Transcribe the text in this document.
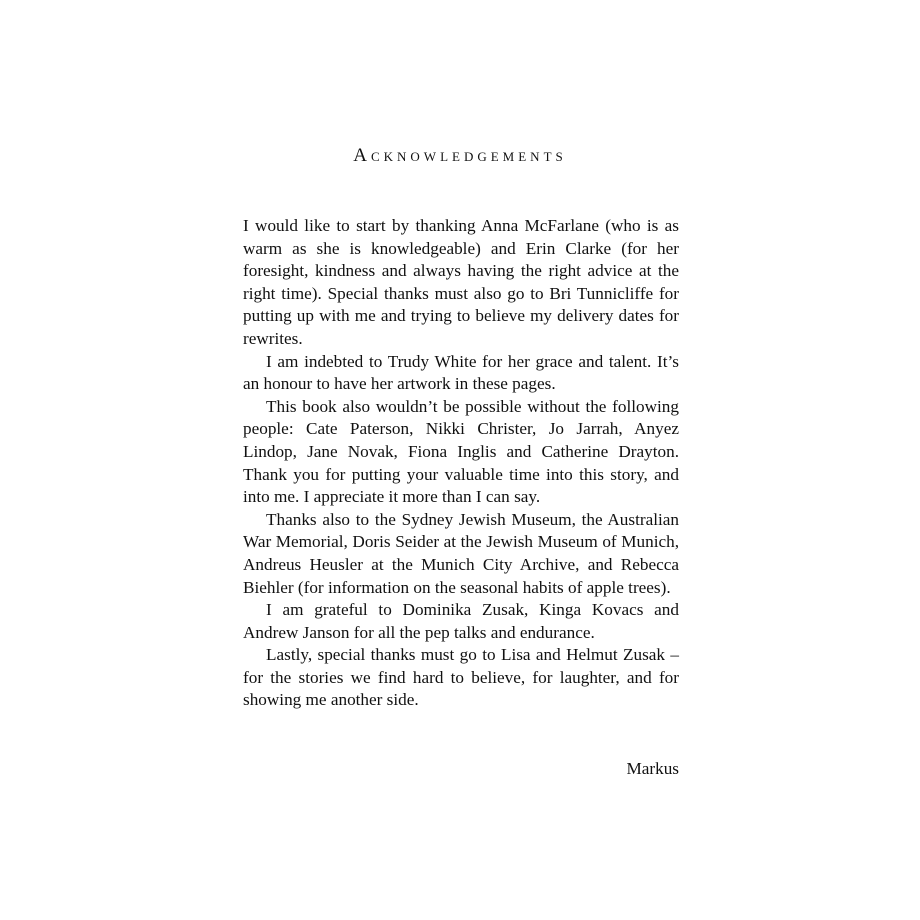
Acknowledgements

I would like to start by thanking Anna McFarlane (who is as warm as she is knowledgeable) and Erin Clarke (for her foresight, kindness and always having the right advice at the right time). Special thanks must also go to Bri Tunnicliffe for putting up with me and trying to believe my delivery dates for rewrites.

I am indebted to Trudy White for her grace and talent. It’s an honour to have her artwork in these pages.

This book also wouldn’t be possible without the following people: Cate Paterson, Nikki Christer, Jo Jarrah, Anyez Lindop, Jane Novak, Fiona Inglis and Catherine Drayton. Thank you for putting your valuable time into this story, and into me. I appreciate it more than I can say.

Thanks also to the Sydney Jewish Museum, the Australian War Memorial, Doris Seider at the Jewish Museum of Munich, Andreus Heusler at the Munich City Archive, and Rebecca Biehler (for information on the seasonal habits of apple trees).

I am grateful to Dominika Zusak, Kinga Kovacs and Andrew Janson for all the pep talks and endurance.

Lastly, special thanks must go to Lisa and Helmut Zusak – for the stories we find hard to believe, for laughter, and for showing me another side.

Markus
